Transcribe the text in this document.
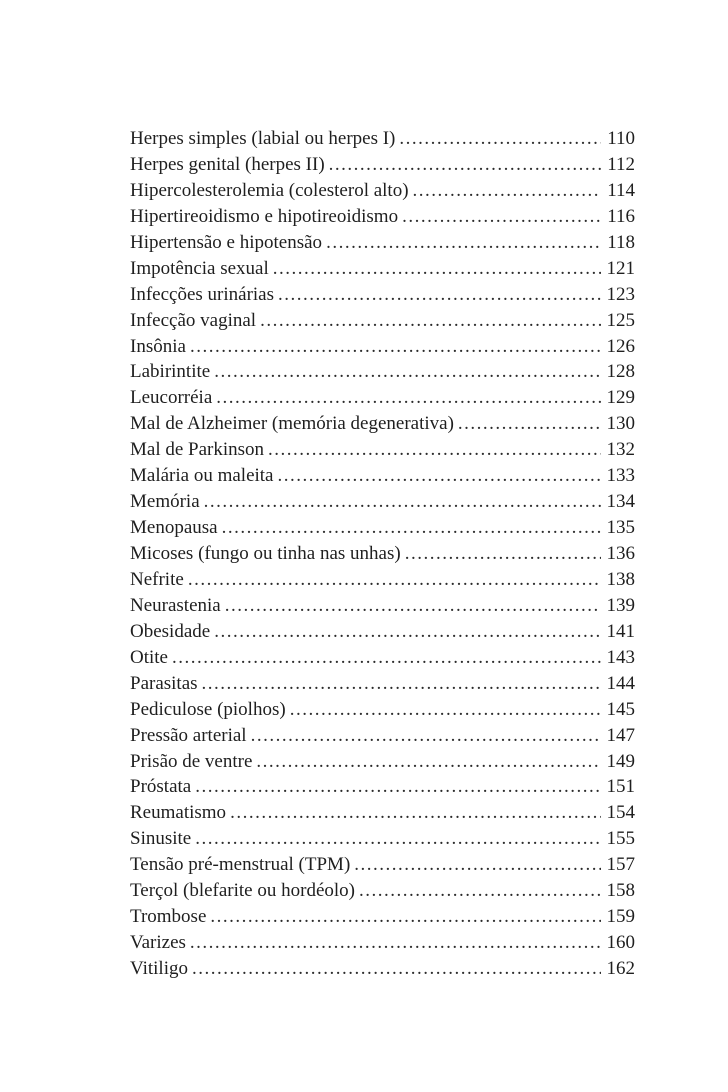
Herpes simples (labial ou herpes I) .....	110
Herpes genital (herpes II) .....	112
Hipercolesterolemia (colesterol alto) .....	114
Hipertireoidismo e hipotireoidismo .....	116
Hipertensão e hipotensão .....	118
Impotência sexual .....	121
Infecções urinárias .....	123
Infecção vaginal .....	125
Insônia .....	126
Labirintite .....	128
Leucorréia .....	129
Mal de Alzheimer (memória degenerativa) .....	130
Mal de Parkinson .....	132
Malária ou maleita .....	133
Memória .....	134
Menopausa .....	135
Micoses (fungo ou tinha nas unhas) .....	136
Nefrite .....	138
Neurastenia .....	139
Obesidade .....	141
Otite .....	143
Parasitas .....	144
Pediculose (piolhos) .....	145
Pressão arterial .....	147
Prisão de ventre .....	149
Próstata .....	151
Reumatismo .....	154
Sinusite .....	155
Tensão pré-menstrual (TPM) .....	157
Terçol (blefarite ou hordéolo) .....	158
Trombose .....	159
Varizes .....	160
Vitiligo .....	162
